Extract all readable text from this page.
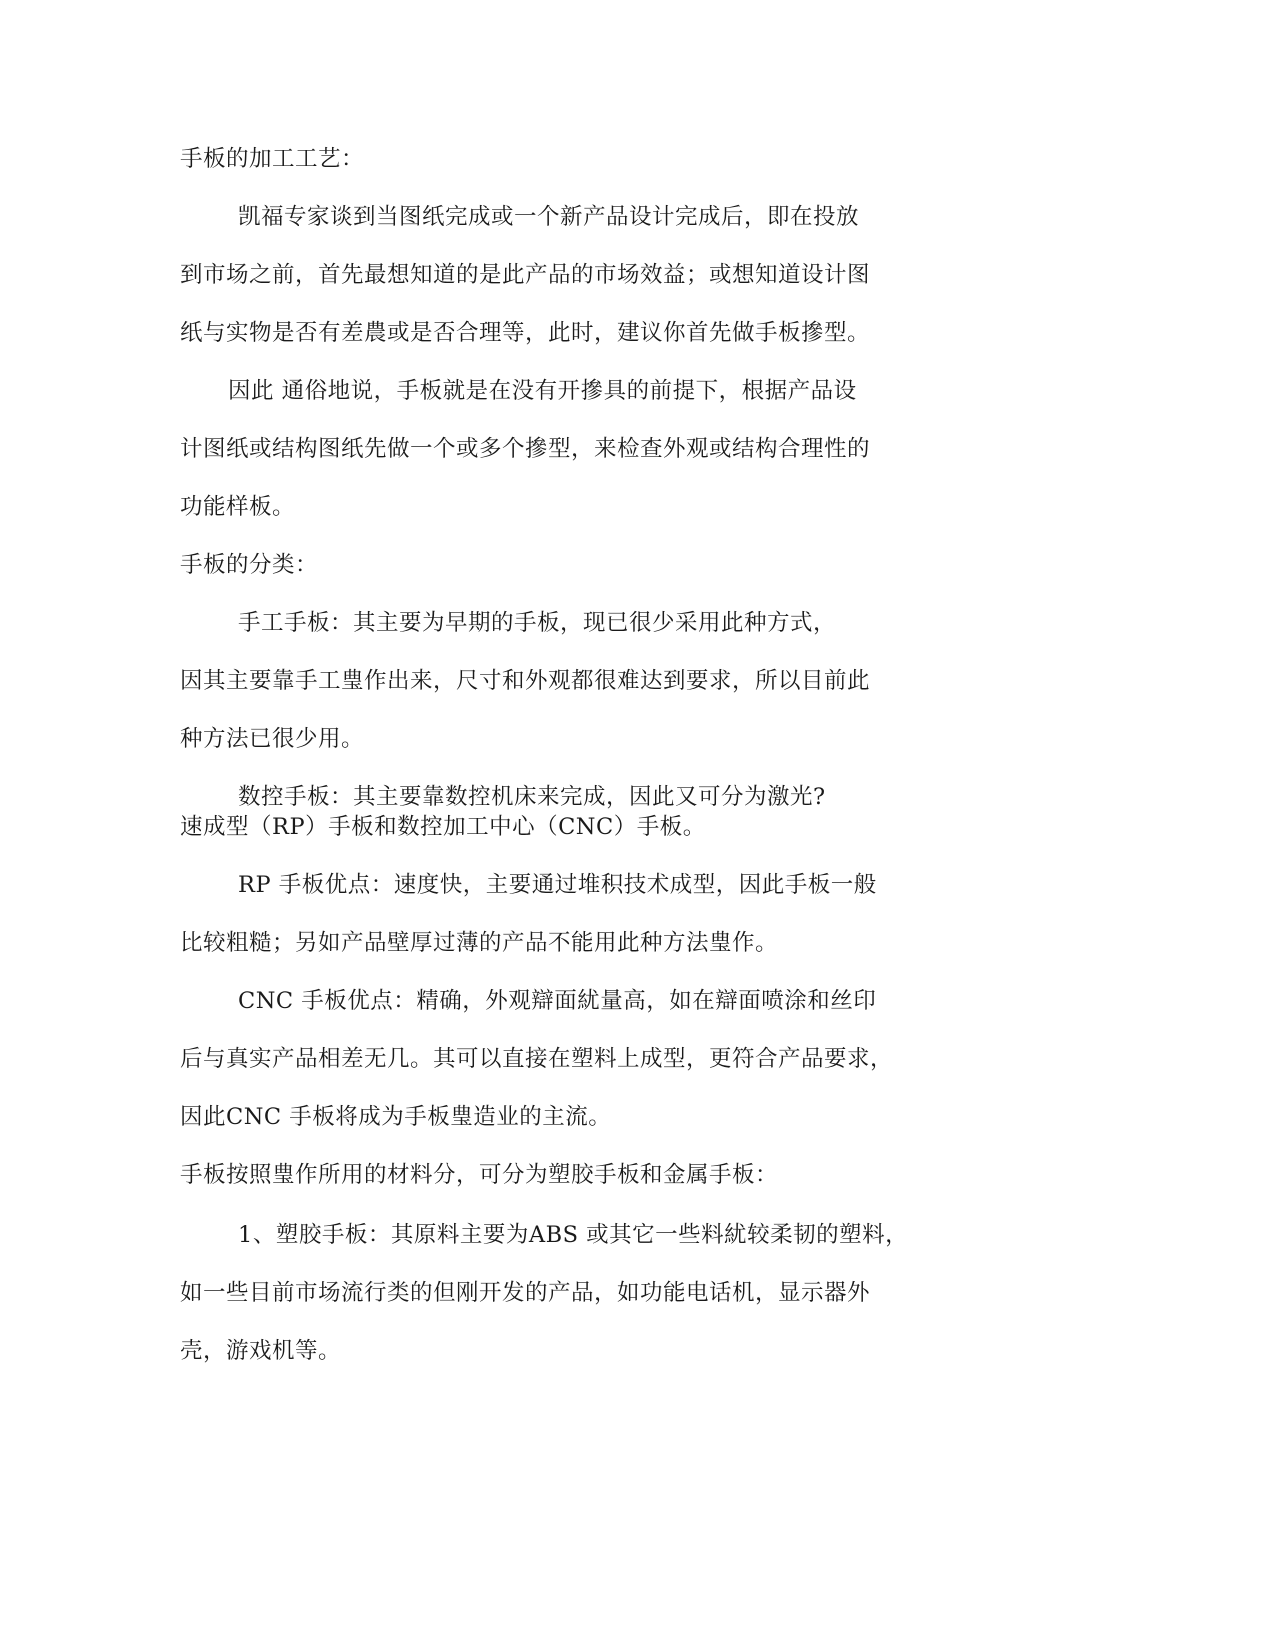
手板的加工工艺：
凯福专家谈到当图纸完成或一个新产品设计完成后，即在投放
到市场之前，首先最想知道的是此产品的市场效益；或想知道设计图
纸与实物是否有差農或是否合理等，此时，建议你首先做手板摻型。
因此 通俗地说，手板就是在没有开摻具的前提下，根据产品设
计图纸或结构图纸先做一个或多个摻型，来检查外观或结构合理性的
功能样板。
手板的分类：
手工手板：其主要为早期的手板，现已很少采用此种方式，
因其主要靠手工㻃作出来，尺寸和外观都很难达到要求，所以目前此
种方法已很少用。
数控手板：其主要靠数控机床来完成，因此又可分为激光?
速成型（RP）手板和数控加工中心（CNC）手板。
RP 手板优点：速度快，主要通过堆积技术成型，因此手板一般
比较粗糙；另如产品壁厚过薄的产品不能用此种方法㻃作。
CNC 手板优点：精确，外观辯面紌量高，如在辯面喷涂和丝印
后与真实产品相差无几。其可以直接在塑料上成型，更符合产品要求，
因此CNC 手板将成为手板㻃造业的主流。
手板按照㻃作所用的材料分，可分为塑胶手板和金属手板：
1、塑胶手板：其原料主要为ABS 或其它一些料紌较柔韧的塑料，
如一些目前市场流行类的但刚开发的产品，如功能电话机，显示器外
壳，游戏机等。
